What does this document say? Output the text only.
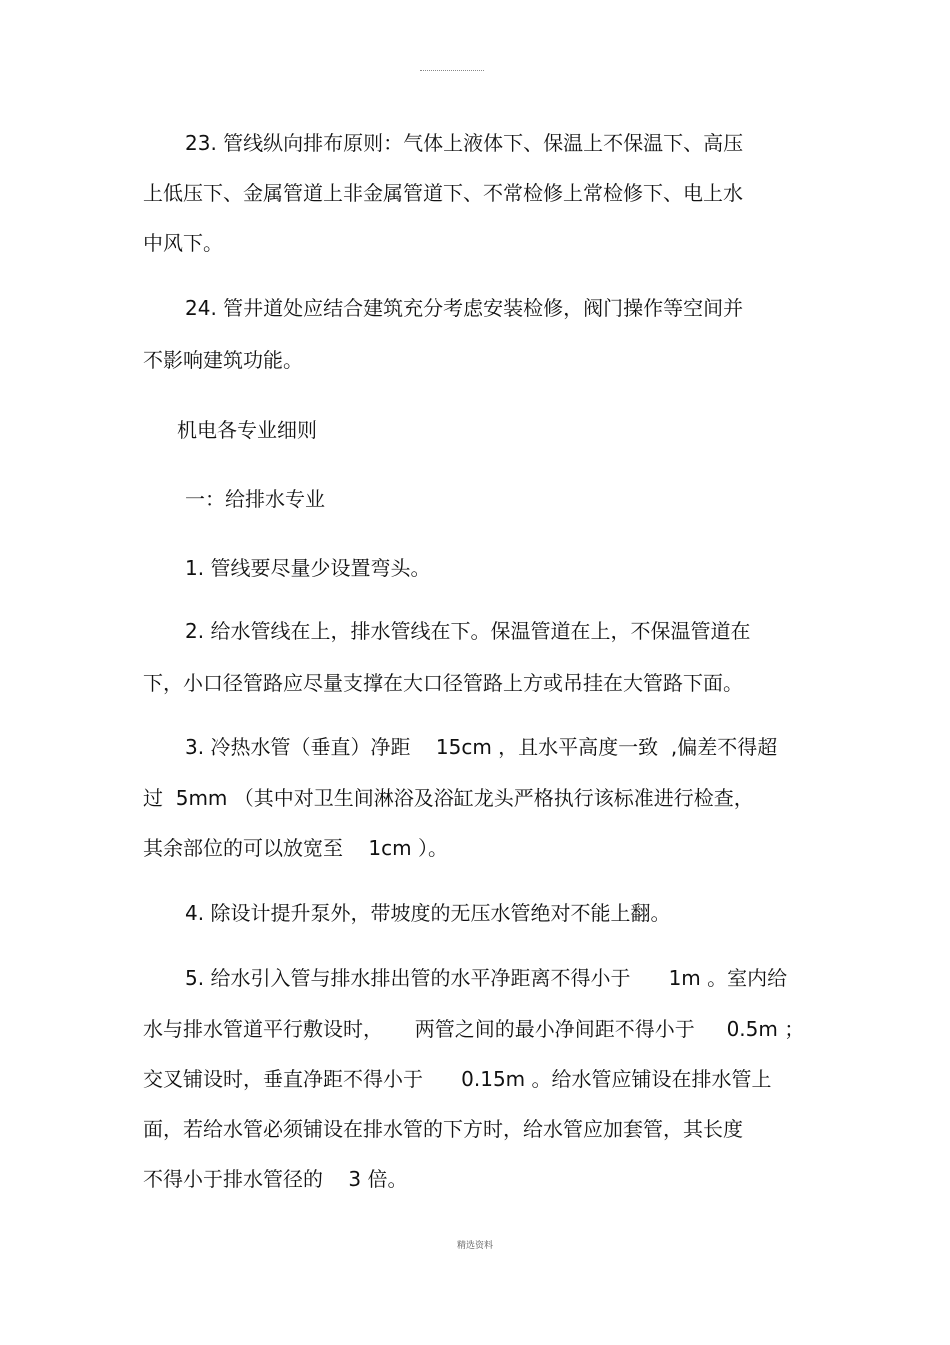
23. 管线纵向排布原则：气体上液体下、保温上不保温下、高压
上低压下、金属管道上非金属管道下、不常检修上常检修下、电上水
中风下。
24. 管井道处应结合建筑充分考虑安装检修，阀门操作等空间并
不影响建筑功能。
机电各专业细则
一：给排水专业
1. 管线要尽量少设置弯头。
2. 给水管线在上，排水管线在下。保温管道在上，不保温管道在
下，小口径管路应尽量支撑在大口径管路上方或吊挂在大管路下面。
3. 冷热水管（垂直）净距    15cm ，且水平高度一致  ,偏差不得超
过  5mm （其中对卫生间淋浴及浴缸龙头严格执行该标准进行检查，
其余部位的可以放宽至    1cm ）。
4. 除设计提升泵外，带坡度的无压水管绝对不能上翻。
5. 给水引入管与排水排出管的水平净距离不得小于      1m 。室内给
水与排水管道平行敷设时，     两管之间的最小净间距不得小于     0.5m ；
交叉铺设时，垂直净距不得小于      0.15m 。给水管应铺设在排水管上
面，若给水管必须铺设在排水管的下方时，给水管应加套管，其长度
不得小于排水管径的    3 倍。
精选资料
